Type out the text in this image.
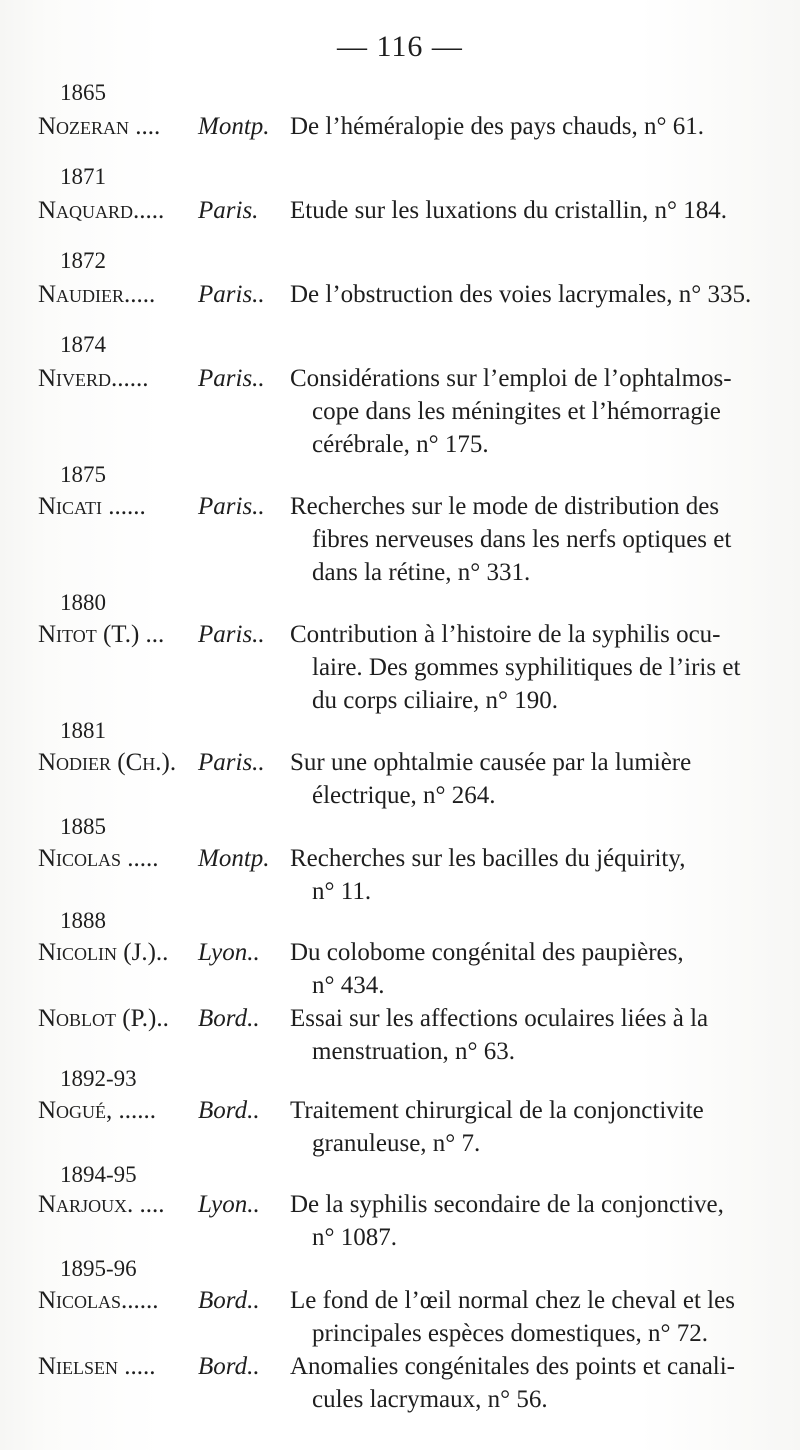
— 116 —
1865
Nozeran .... Montp. De l’héméralopie des pays chauds, n° 61.
1871
Naquard..... Paris. Etude sur les luxations du cristallin, n° 184.
1872
Naudier..... Paris.. De l’obstruction des voies lacrymales, n° 335.
1874
Niverd...... Paris.. Considérations sur l’emploi de l’ophtalmos-
cope dans les méningites et l’hémorragie
cérébrale, n° 175.
1875
Nicati ...... Paris.. Recherches sur le mode de distribution des
fibres nerveuses dans les nerfs optiques et
dans la rétine, n° 331.
1880
Nitot (T.) ... Paris.. Contribution à l’histoire de la syphilis ocu-
laire. Des gommes syphilitiques de l’iris et
du corps ciliaire, n° 190.
1881
Nodier (Ch.). Paris.. Sur une ophtalmie causée par la lumière
électrique, n° 264.
1885
Nicolas ..... Montp. Recherches sur les bacilles du jéquirity,
n° 11.
1888
Nicolin (J.).. Lyon.. Du colobome congénital des paupières,
n° 434.
Noblot (P.).. Bord.. Essai sur les affections oculaires liées à la
menstruation, n° 63.
1892-93
Nogué, ...... Bord.. Traitement chirurgical de la conjonctivite
granuleuse, n° 7.
1894-95
Narjoux. .... Lyon.. De la syphilis secondaire de la conjonctive,
n° 1087.
1895-96
Nicolas...... Bord.. Le fond de l’œil normal chez le cheval et les
principales espèces domestiques, n° 72.
Nielsen ..... Bord.. Anomalies congénitales des points et canali-
cules lacrymaux, n° 56.
